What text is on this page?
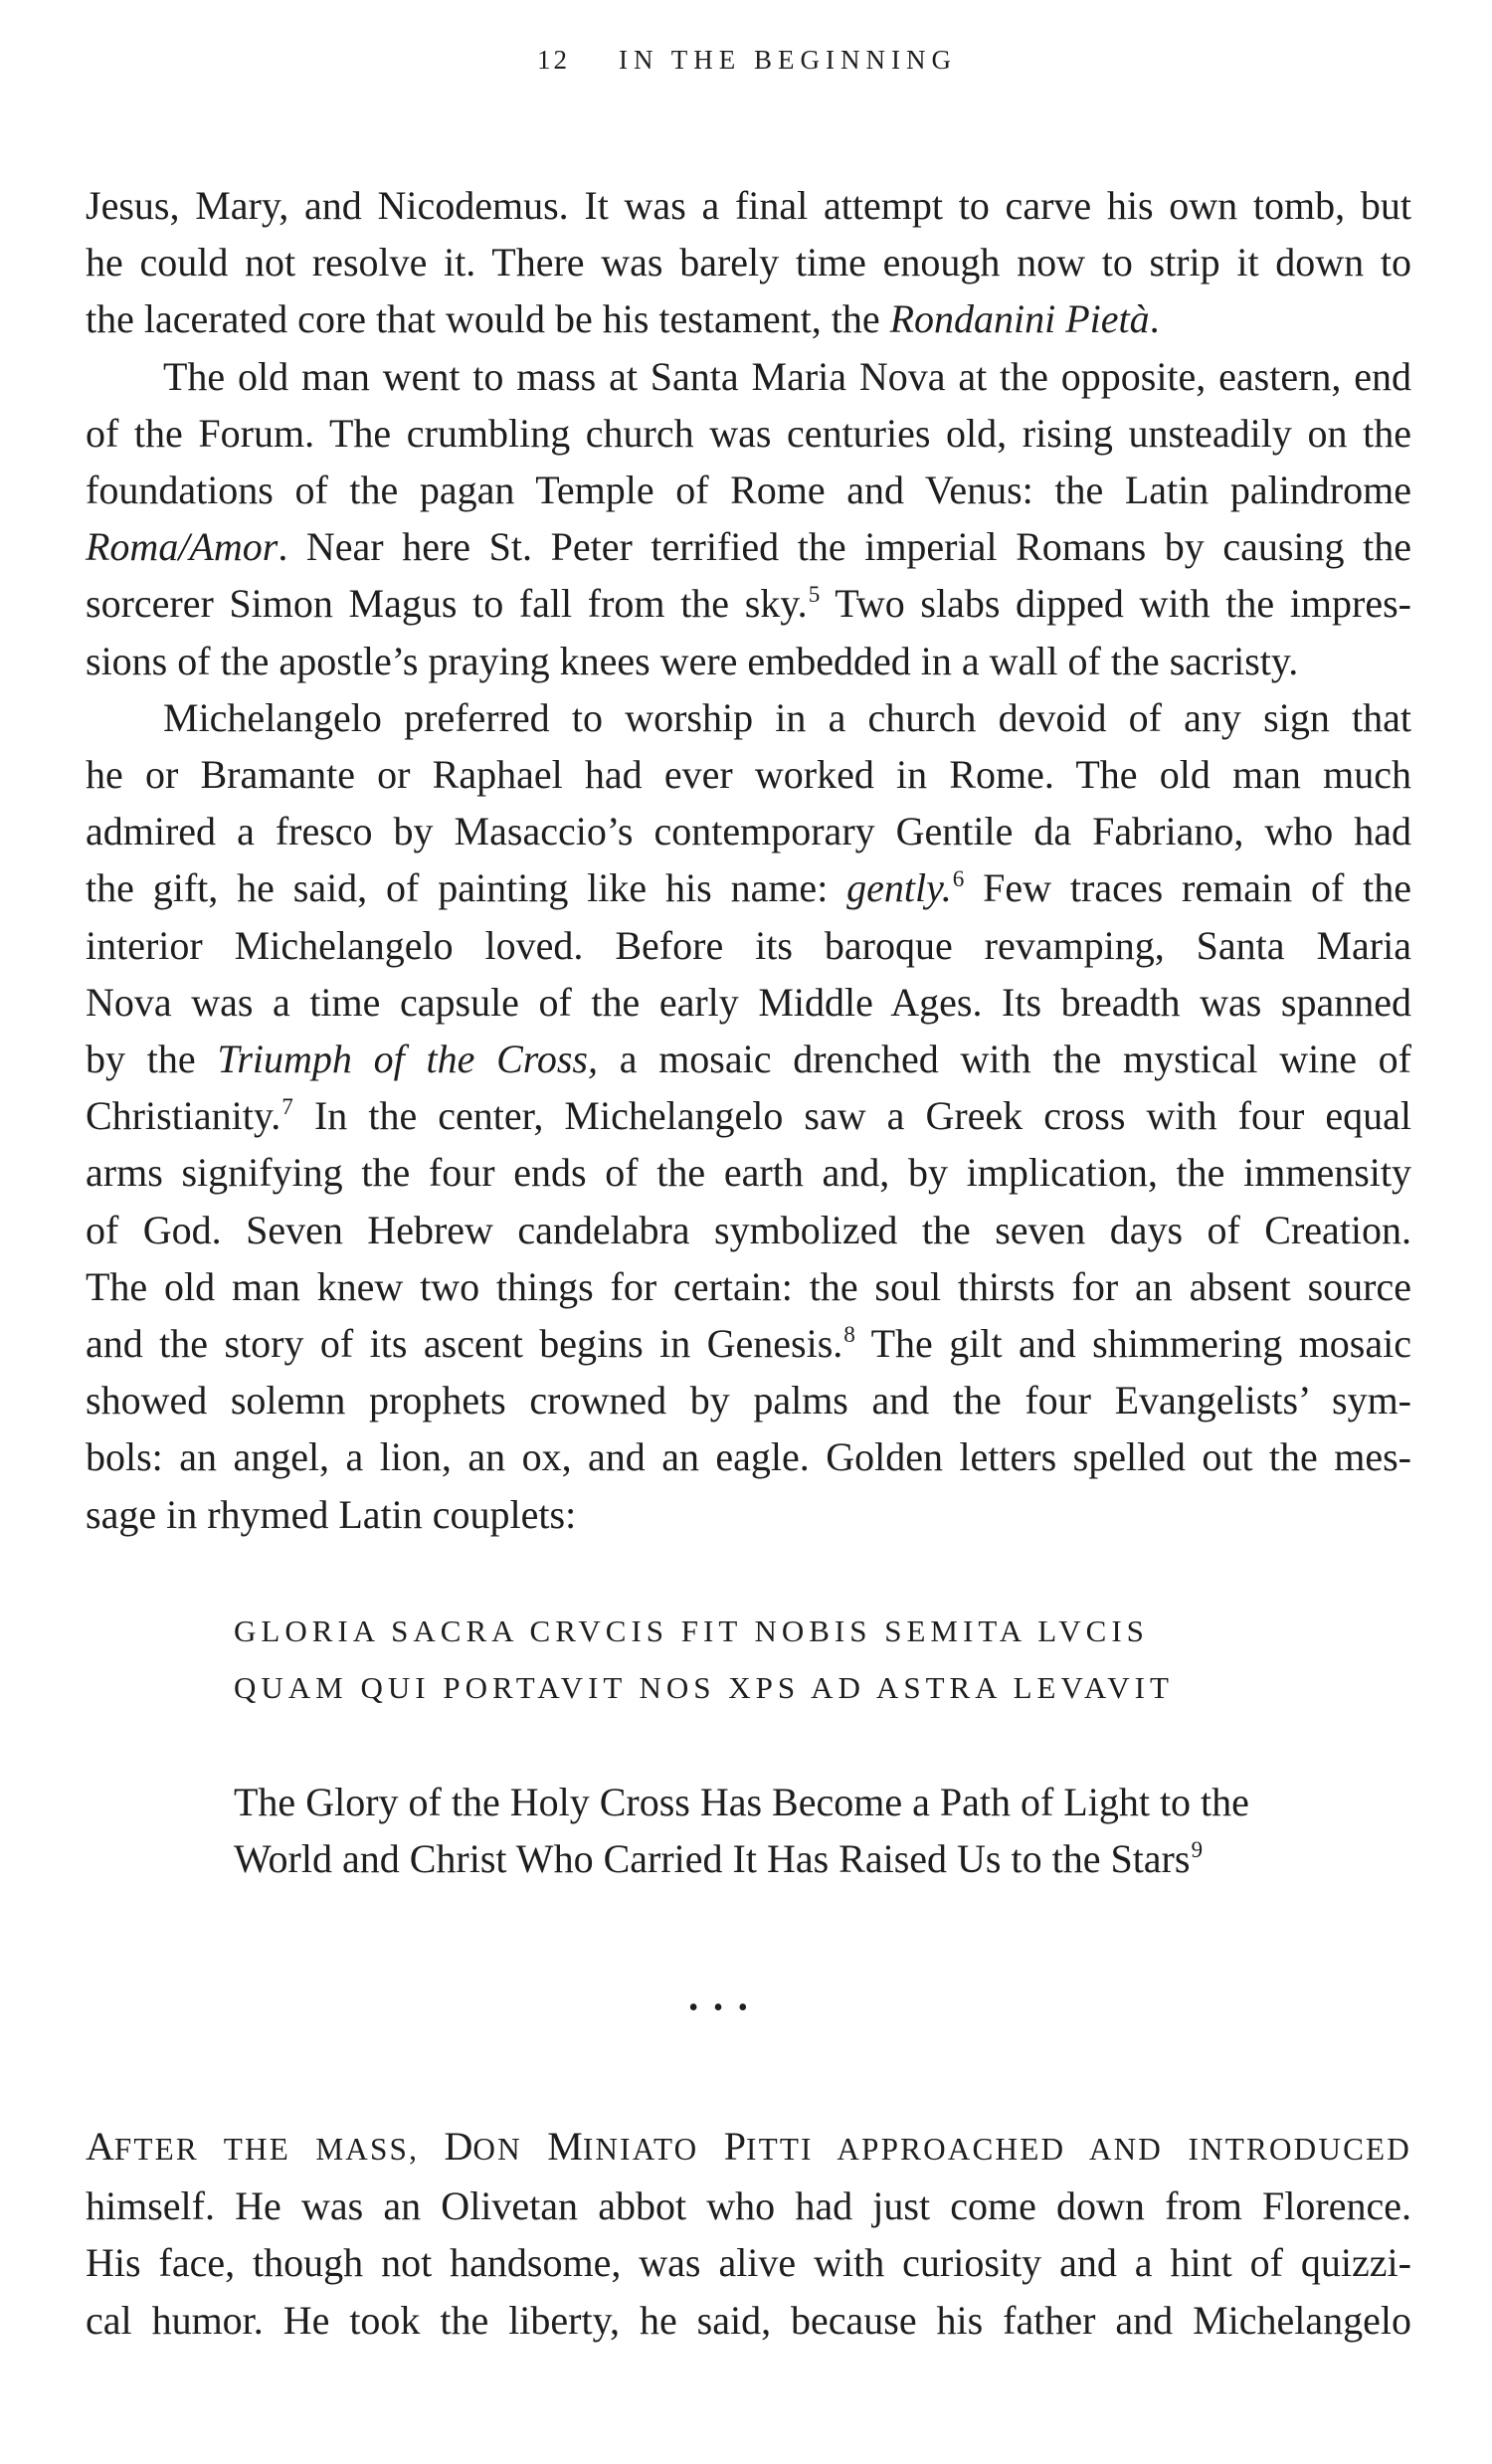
12 IN THE BEGINNING
Jesus, Mary, and Nicodemus. It was a final attempt to carve his own tomb, but
he could not resolve it. There was barely time enough now to strip it down to
the lacerated core that would be his testament, the Rondanini Pietà.
The old man went to mass at Santa Maria Nova at the opposite, eastern, end
of the Forum. The crumbling church was centuries old, rising unsteadily on the
foundations of the pagan Temple of Rome and Venus: the Latin palindrome
Roma/Amor. Near here St. Peter terrified the imperial Romans by causing the
sorcerer Simon Magus to fall from the sky.$^5$ Two slabs dipped with the impres-
sions of the apostle’s praying knees were embedded in a wall of the sacristy.
Michelangelo preferred to worship in a church devoid of any sign that
he or Bramante or Raphael had ever worked in Rome. The old man much
admired a fresco by Masaccio’s contemporary Gentile da Fabriano, who had
the gift, he said, of painting like his name: gently.$^6$ Few traces remain of the
interior Michelangelo loved. Before its baroque revamping, Santa Maria
Nova was a time capsule of the early Middle Ages. Its breadth was spanned
by the Triumph of the Cross, a mosaic drenched with the mystical wine of
Christianity.$^7$ In the center, Michelangelo saw a Greek cross with four equal
arms signifying the four ends of the earth and, by implication, the immensity
of God. Seven Hebrew candelabra symbolized the seven days of Creation.
The old man knew two things for certain: the soul thirsts for an absent source
and the story of its ascent begins in Genesis.$^8$ The gilt and shimmering mosaic
showed solemn prophets crowned by palms and the four Evangelists’ sym-
bols: an angel, a lion, an ox, and an eagle. Golden letters spelled out the mes-
sage in rhymed Latin couplets:
GLORIA SACRA CRVCIS FIT NOBIS SEMITA LVCIS
QUAM QUI PORTAVIT NOS XPS AD ASTRA LEVAVIT
The Glory of the Holy Cross Has Become a Path of Light to the
World and Christ Who Carried It Has Raised Us to the Stars$^9$
• • •
AFTER THE MASS, DON MINIATO PITTI APPROACHED AND INTRODUCED
himself. He was an Olivetan abbot who had just come down from Florence.
His face, though not handsome, was alive with curiosity and a hint of quizzi-
cal humor. He took the liberty, he said, because his father and Michelangelo
